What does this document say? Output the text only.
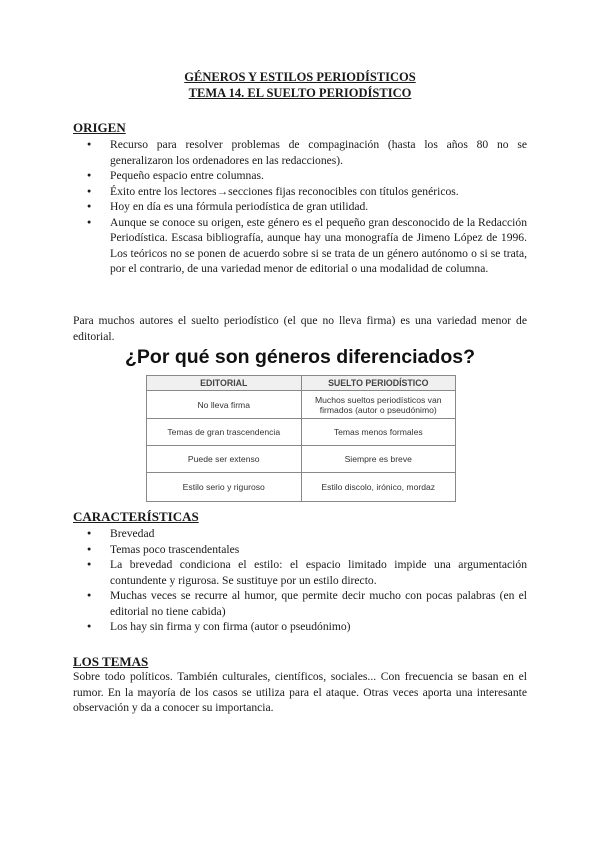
GÉNEROS Y ESTILOS PERIODÍSTICOS
TEMA 14. EL SUELTO PERIODÍSTICO
ORIGEN
● Recurso para resolver problemas de compaginación (hasta los años 80 no se generalizaron los ordenadores en las redacciones).
● Pequeño espacio entre columnas.
● Éxito entre los lectores→secciones fijas reconocibles con títulos genéricos.
● Hoy en día es una fórmula periodística de gran utilidad.
● Aunque se conoce su origen, este género es el pequeño gran desconocido de la Redacción Periodística. Escasa bibliografía, aunque hay una monografía de Jimeno López de 1996. Los teóricos no se ponen de acuerdo sobre si se trata de un género autónomo o si se trata, por el contrario, de una variedad menor de editorial o una modalidad de columna.

Para muchos autores el suelto periodístico (el que no lleva firma) es una variedad menor de editorial.

¿Por qué son géneros diferenciados?
EDITORIAL	SUELTO PERIODÍSTICO
No lleva firma	Muchos sueltos periodísticos van firmados (autor o pseudónimo)
Temas de gran trascendencia	Temas menos formales
Puede ser extenso	Siempre es breve
Estilo serio y riguroso	Estilo discolo, irónico, mordaz
CARACTERÍSTICAS
● Brevedad
● Temas poco trascendentales
● La brevedad condiciona el estilo: el espacio limitado impide una argumentación contundente y rigurosa. Se sustituye por un estilo directo.
● Muchas veces se recurre al humor, que permite decir mucho con pocas palabras (en el editorial no tiene cabida)
● Los hay sin firma y con firma (autor o pseudónimo)
LOS TEMAS

Sobre todo políticos. También culturales, científicos, sociales... Con frecuencia se basan en el rumor. En la mayoría de los casos se utiliza para el ataque. Otras veces aporta una interesante observación y da a conocer su importancia.
